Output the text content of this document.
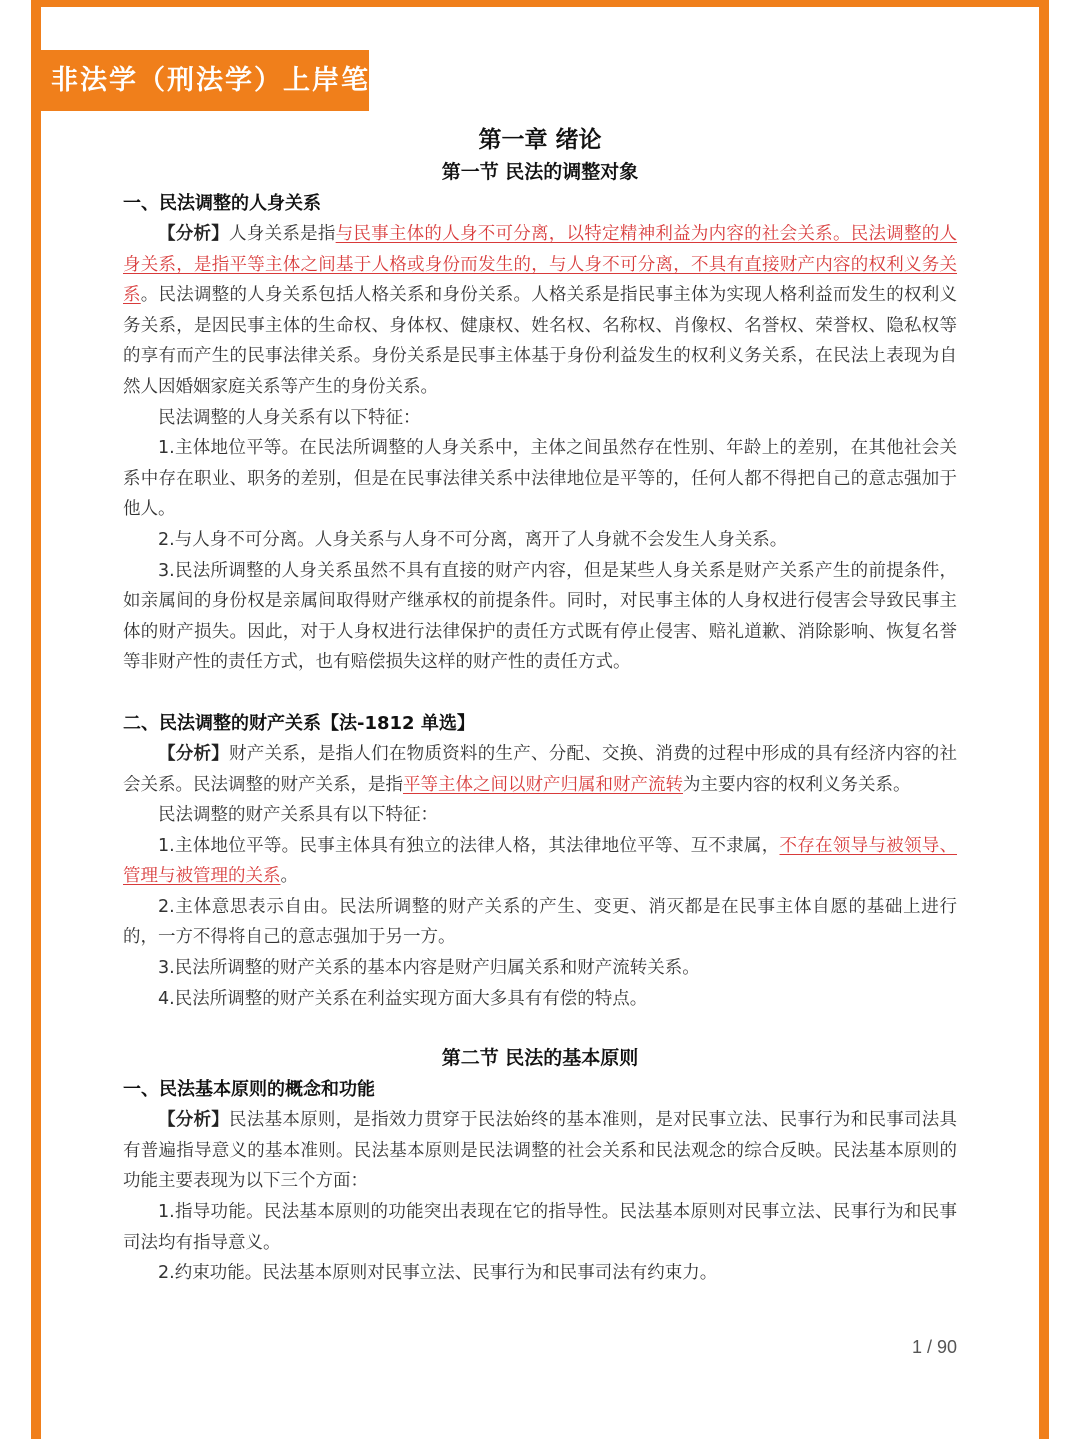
非法学（刑法学）上岸笔记
第一章 绪论
第一节 民法的调整对象
一、民法调整的人身关系

【分析】人身关系是指与民事主体的人身不可分离，以特定精神利益为内容的社会关系。民法调整的人身关系，是指平等主体之间基于人格或身份而发生的，与人身不可分离，不具有直接财产内容的权利义务关系。民法调整的人身关系包括人格关系和身份关系。人格关系是指民事主体为实现人格利益而发生的权利义务关系，是因民事主体的生命权、身体权、健康权、姓名权、名称权、肖像权、名誉权、荣誉权、隐私权等的享有而产生的民事法律关系。身份关系是民事主体基于身份利益发生的权利义务关系，在民法上表现为自然人因婚姻家庭关系等产生的身份关系。

民法调整的人身关系有以下特征：

1.主体地位平等。在民法所调整的人身关系中，主体之间虽然存在性别、年龄上的差别，在其他社会关系中存在职业、职务的差别，但是在民事法律关系中法律地位是平等的，任何人都不得把自己的意志强加于他人。

2.与人身不可分离。人身关系与人身不可分离，离开了人身就不会发生人身关系。

3.民法所调整的人身关系虽然不具有直接的财产内容，但是某些人身关系是财产关系产生的前提条件，如亲属间的身份权是亲属间取得财产继承权的前提条件。同时，对民事主体的人身权进行侵害会导致民事主体的财产损失。因此，对于人身权进行法律保护的责任方式既有停止侵害、赔礼道歉、消除影响、恢复名誉等非财产性的责任方式，也有赔偿损失这样的财产性的责任方式。

二、民法调整的财产关系【法-1812 单选】

【分析】财产关系，是指人们在物质资料的生产、分配、交换、消费的过程中形成的具有经济内容的社会关系。民法调整的财产关系，是指平等主体之间以财产归属和财产流转为主要内容的权利义务关系。

民法调整的财产关系具有以下特征：

1.主体地位平等。民事主体具有独立的法律人格，其法律地位平等、互不隶属，不存在领导与被领导、管理与被管理的关系。

2.主体意思表示自由。民法所调整的财产关系的产生、变更、消灭都是在民事主体自愿的基础上进行的，一方不得将自己的意志强加于另一方。

3.民法所调整的财产关系的基本内容是财产归属关系和财产流转关系。

4.民法所调整的财产关系在利益实现方面大多具有有偿的特点。

第二节 民法的基本原则
一、民法基本原则的概念和功能

【分析】民法基本原则，是指效力贯穿于民法始终的基本准则，是对民事立法、民事行为和民事司法具有普遍指导意义的基本准则。民法基本原则是民法调整的社会关系和民法观念的综合反映。民法基本原则的功能主要表现为以下三个方面：

1.指导功能。民法基本原则的功能突出表现在它的指导性。民法基本原则对民事立法、民事行为和民事司法均有指导意义。

2.约束功能。民法基本原则对民事立法、民事行为和民事司法有约束力。

1 / 90
